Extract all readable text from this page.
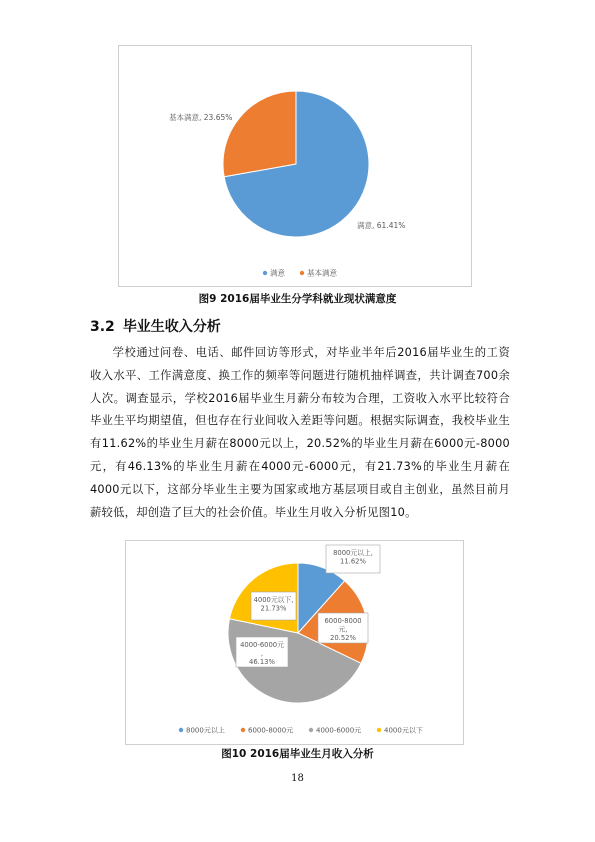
满意, 61.41%
基本满意, 23.65%
满意	基本满意
图9 2016届毕业生分学科就业现状满意度
3.2 毕业生收入分析
学校通过问卷、电话、邮件回访等形式，对毕业半年后2016届毕业生的工资收入水平、工作满意度、换工作的频率等问题进行随机抽样调查，共计调查700余人次。调查显示，学校2016届毕业生月薪分布较为合理，工资收入水平比较符合毕业生平均期望值，但也存在行业间收入差距等问题。根据实际调查，我校毕业生有11.62%的毕业生月薪在8000元以上，20.52%的毕业生月薪在6000元-8000元，有46.13%的毕业生月薪在4000元-6000元，有21.73%的毕业生月薪在4000元以下，这部分毕业生主要为国家或地方基层项目或自主创业，虽然目前月薪较低，却创造了巨大的社会价值。毕业生月收入分析见图10。
8000元以上,
11.62%
6000-8000
元,
20.52%
4000-6000元
,
46.13%
4000元以下,
21.73%
8000元以上	6000-8000元	4000-6000元	4000元以下
图10 2016届毕业生月收入分析
18
